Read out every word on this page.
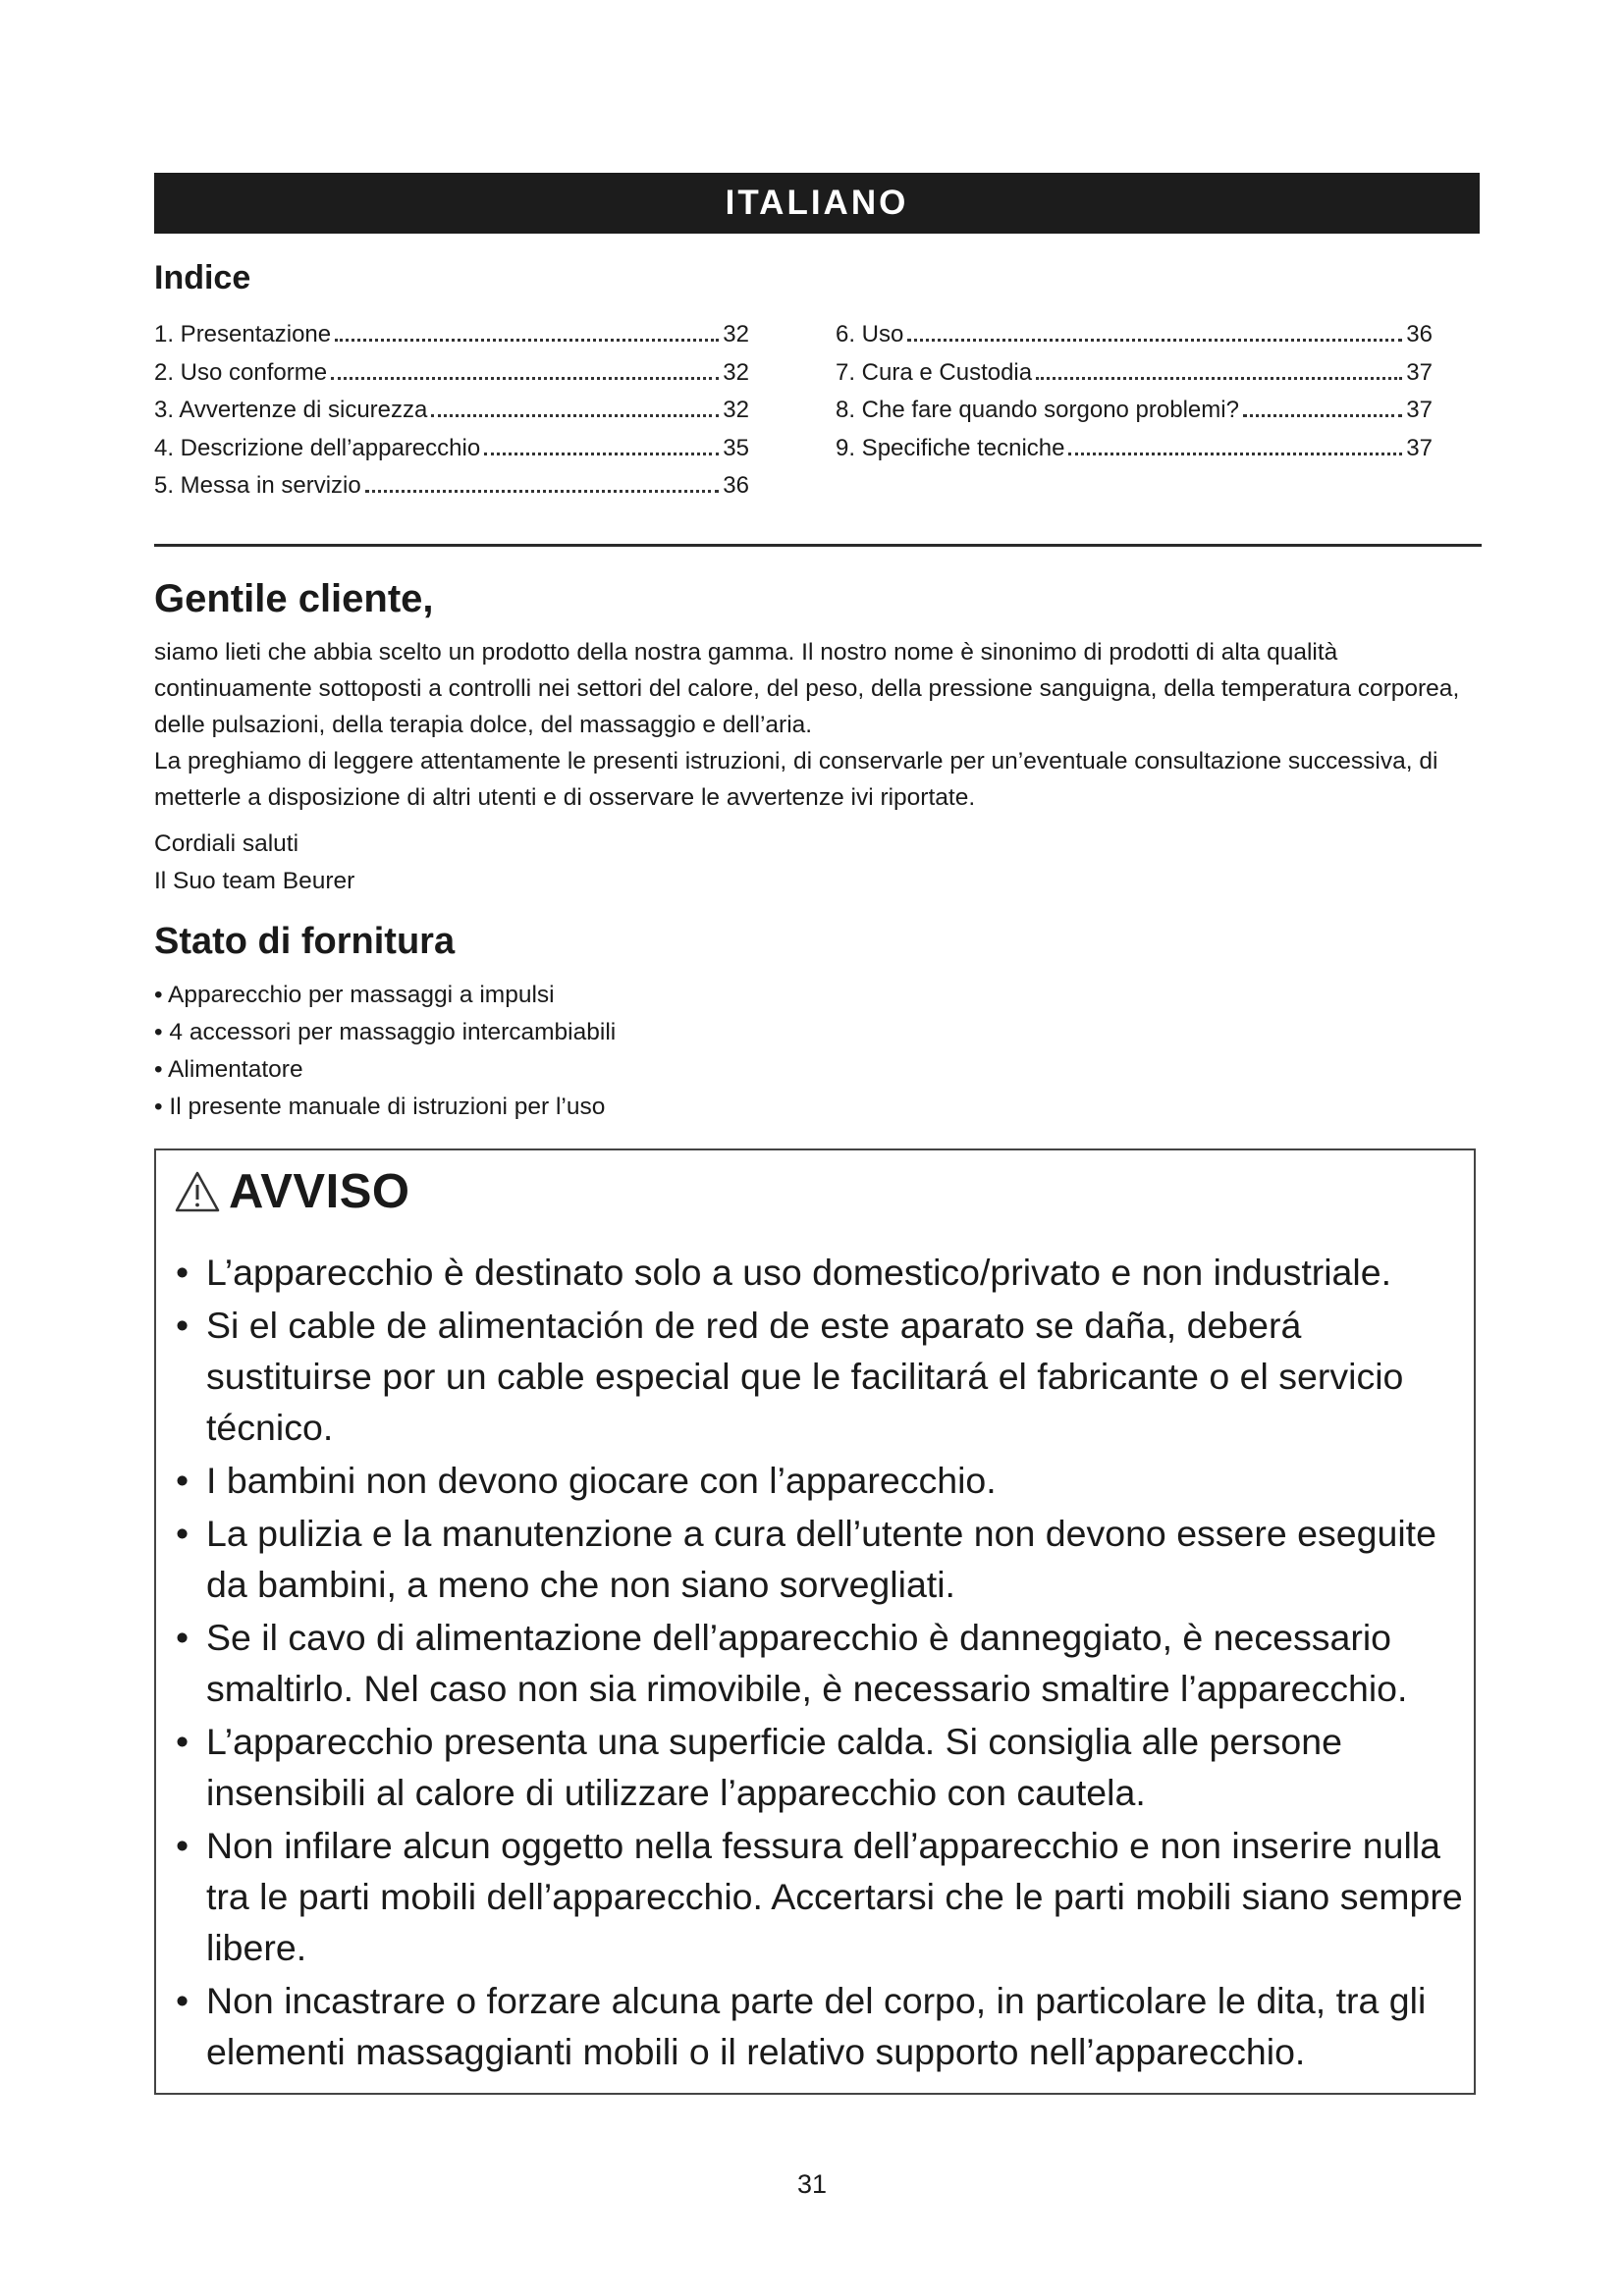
ITALIANO
Indice
1. Presentazione	32
2. Uso conforme	32
3. Avvertenze di sicurezza	32
4. Descrizione dell’apparecchio	35
5. Messa in servizio	36
6. Uso	36
7. Cura e Custodia	37
8. Che fare quando sorgono problemi?	37
9. Specifiche tecniche	37
Gentile cliente,
siamo lieti che abbia scelto un prodotto della nostra gamma. Il nostro nome è sinonimo di prodotti di alta qualità continuamente sottoposti a controlli nei settori del calore, del peso, della pressione sanguigna, della temperatura corporea, delle pulsazioni, della terapia dolce, del massaggio e dell’aria.
La preghiamo di leggere attentamente le presenti istruzioni, di conservarle per un’eventuale consultazione successiva, di metterle a disposizione di altri utenti e di osservare le avvertenze ivi riportate.
Cordiali saluti
Il Suo team Beurer
Stato di fornitura
• Apparecchio per massaggi a impulsi
• 4 accessori per massaggio intercambiabili
• Alimentatore
• Il presente manuale di istruzioni per l’uso
AVVISO
• L’apparecchio è destinato solo a uso domestico/privato e non industriale.
• Si el cable de alimentación de red de este aparato se daña, deberá sustituirse por un cable especial que le facilitará el fabricante o el servicio técnico.
• I bambini non devono giocare con l’apparecchio.
• La pulizia e la manutenzione a cura dell’utente non devono essere eseguite da bambini, a meno che non siano sorvegliati.
• Se il cavo di alimentazione dell’apparecchio è danneggiato, è necessario smaltirlo. Nel caso non sia rimovibile, è necessario smaltire l’apparecchio.
• L’apparecchio presenta una superficie calda. Si consiglia alle persone insensibili al calore di utilizzare l’apparecchio con cautela.
• Non infilare alcun oggetto nella fessura dell’apparecchio e non inserire nulla tra le parti mobili dell’apparecchio. Accertarsi che le parti mobili siano sempre libere.
• Non incastrare o forzare alcuna parte del corpo, in particolare le dita, tra gli elementi massaggianti mobili o il relativo supporto nell’apparecchio.
31
